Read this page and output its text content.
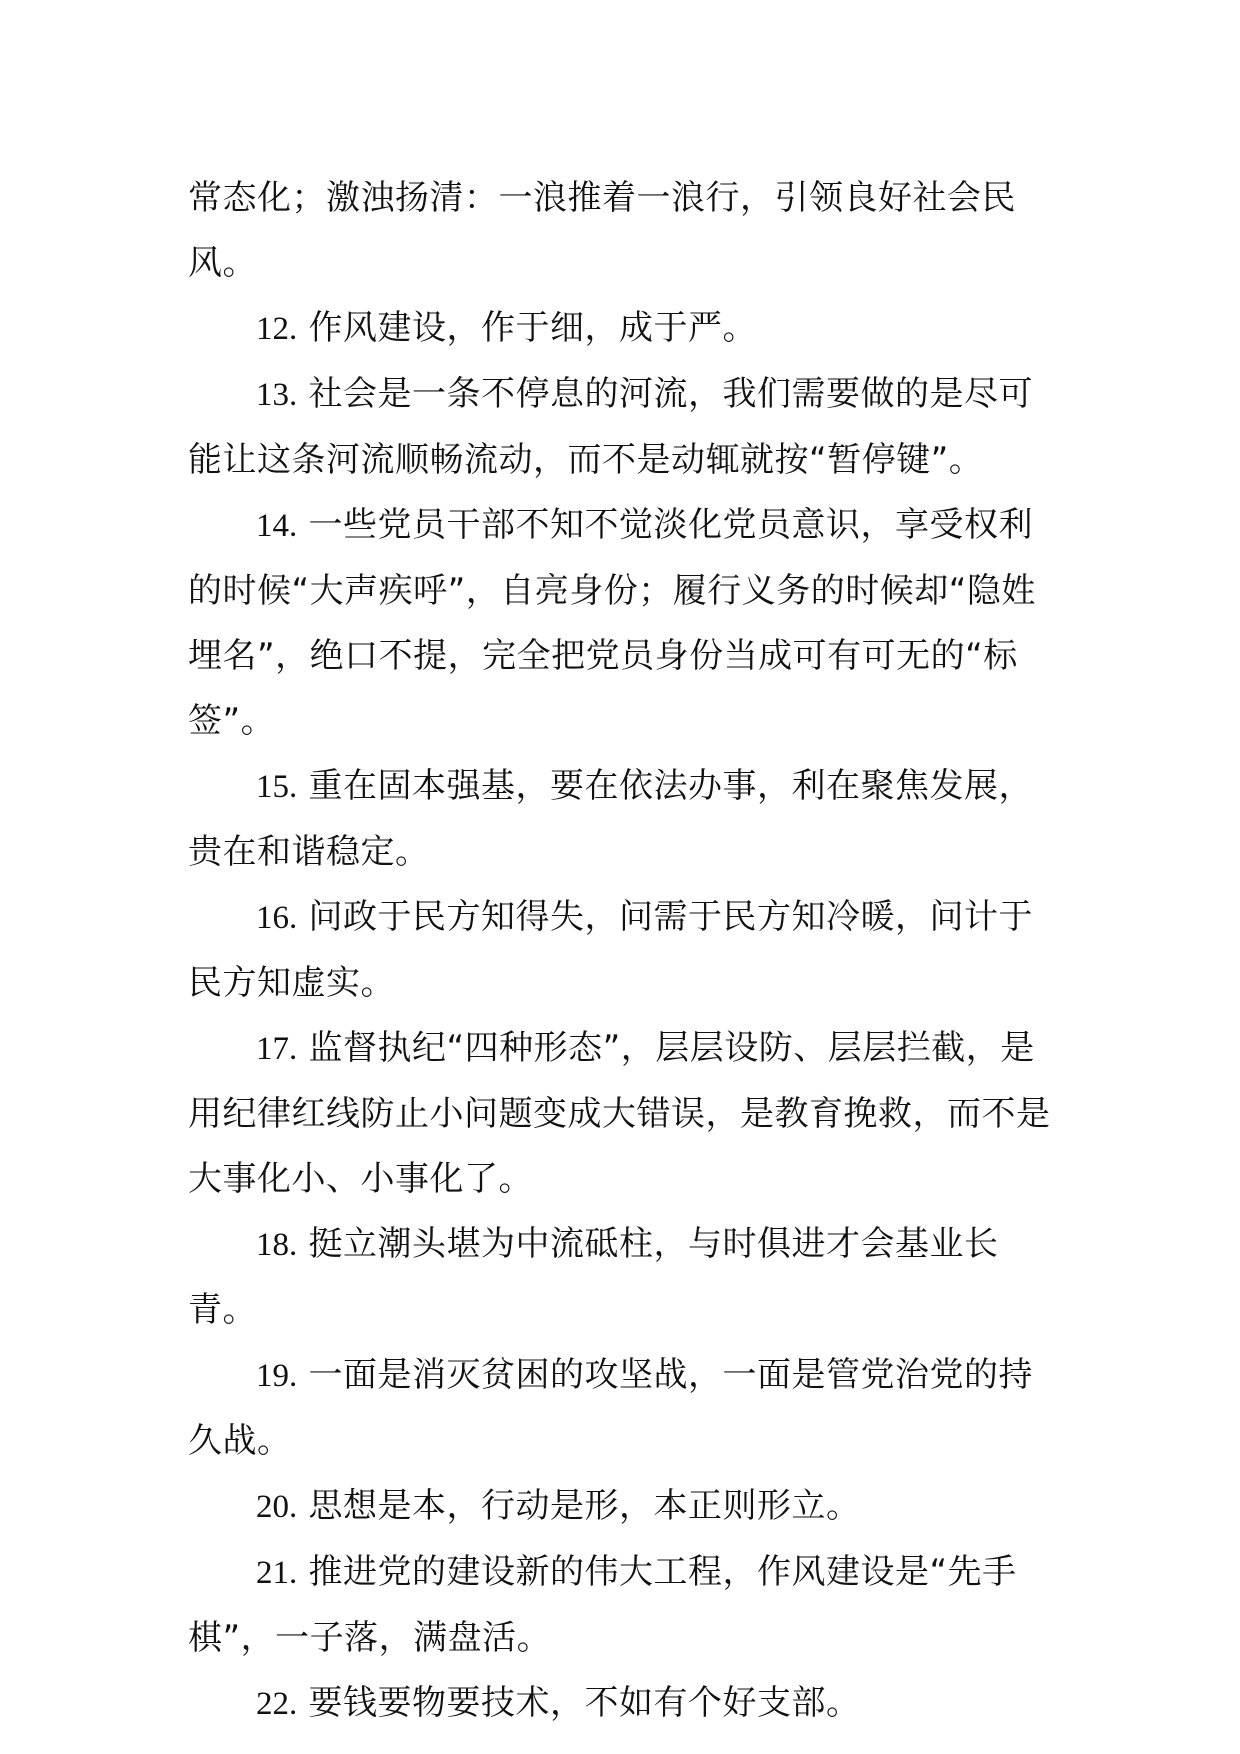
常态化；激浊扬清：一浪推着一浪行，引领良好社会民风。

12. 作风建设，作于细，成于严。

13. 社会是一条不停息的河流，我们需要做的是尽可能让这条河流顺畅流动，而不是动辄就按“暂停键”。

14. 一些党员干部不知不觉淡化党员意识，享受权利的时候“大声疾呼”，自亮身份；履行义务的时候却“隐姓埋名”，绝口不提，完全把党员身份当成可有可无的“标签”。

15. 重在固本强基，要在依法办事，利在聚焦发展，贵在和谐稳定。

16. 问政于民方知得失，问需于民方知冷暖，问计于民方知虚实。

17. 监督执纪“四种形态”，层层设防、层层拦截，是用纪律红线防止小问题变成大错误，是教育挽救，而不是大事化小、小事化了。

18. 挺立潮头堪为中流砥柱，与时俱进才会基业长青。

19. 一面是消灭贫困的攻坚战，一面是管党治党的持久战。

20. 思想是本，行动是形，本正则形立。

21. 推进党的建设新的伟大工程，作风建设是“先手棋”，一子落，满盘活。

22. 要钱要物要技术，不如有个好支部。
